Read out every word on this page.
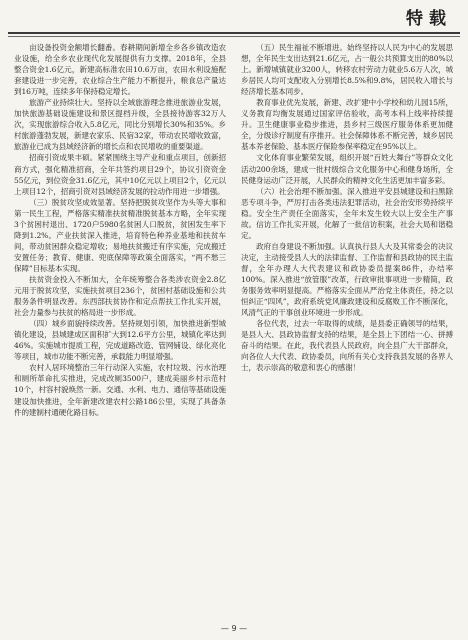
特载

亩设备投资金额增长翻番。春耕期间新增全乡各乡镇改造农业设施，给全乡农业现代化发展提供有力支撑。2018年，全县整合资金1.6亿元，新建高标准农田10.6万亩，农田水利设施配套建设进一步完善，农业综合生产能力不断提升，粮食总产量达到16万吨，连续多年保持稳定增长。

旅游产业持续壮大。坚持以全域旅游理念推进旅游业发展，加快旅游基础设施建设和景区提档升级，全县接待游客32万人次，实现旅游综合收入5.8亿元，同比分别增长30%和35%。乡村旅游蓬勃发展，新建农家乐、民宿32家，带动农民增收致富，旅游业已成为县域经济新的增长点和农民增收的重要渠道。

招商引资成果丰硕。紧紧围绕主导产业和重点项目，创新招商方式，强化精准招商，全年共签约项目29个，协议引资资金55亿元，到位资金31.6亿元，其中10亿元以上项目2个，亿元以上项目12个，招商引资对县域经济发展的拉动作用进一步增强。

（三）脱贫攻坚成效显著。坚持把脱贫攻坚作为头等大事和第一民生工程，严格落实精准扶贫精准脱贫基本方略，全年实现3个贫困村退出、1720户5980名贫困人口脱贫，贫困发生率下降到1.2%。产业扶贫深入推进，培育特色种养业基地和扶贫车间，带动贫困群众稳定增收；易地扶贫搬迁有序实施，完成搬迁安置任务；教育、健康、兜底保障等政策全面落实，“两不愁三保障”目标基本实现。

扶贫资金投入不断加大，全年统筹整合各类涉农资金2.8亿元用于脱贫攻坚，实施扶贫项目236个，贫困村基础设施和公共服务条件明显改善。东西部扶贫协作和定点帮扶工作扎实开展，社会力量参与扶贫的格局进一步形成。

（四）城乡面貌持续改善。坚持规划引领，加快推进新型城镇化建设，县城建成区面积扩大到12.6平方公里，城镇化率达到46%。实施城市提质工程，完成道路改造、管网铺设、绿化亮化等项目，城市功能不断完善，承载能力明显增强。

农村人居环境整治三年行动深入实施，农村垃圾、污水治理和厕所革命扎实推进，完成改厕3500户，建成美丽乡村示范村10个，村容村貌焕然一新。交通、水利、电力、通信等基础设施建设加快推进，全年新建改建农村公路186公里，实现了具备条件的建制村通硬化路目标。

（五）民生福祉不断增进。始终坚持以人民为中心的发展思想，全年民生支出达到21.6亿元，占一般公共预算支出的80%以上。新增城镇就业3200人，转移农村劳动力就业5.6万人次，城乡居民人均可支配收入分别增长8.5%和9.8%，居民收入增长与经济增长基本同步。

教育事业优先发展，新建、改扩建中小学校和幼儿园15所，义务教育均衡发展通过国家评估验收，高考本科上线率持续提升。卫生健康事业稳步推进，县乡村三级医疗服务体系更加健全，分级诊疗制度有序推开。社会保障体系不断完善，城乡居民基本养老保险、基本医疗保险参保率稳定在95%以上。

文化体育事业繁荣发展，组织开展“百姓大舞台”等群众文化活动200余场，建成一批村级综合文化服务中心和健身场所，全民健身运动广泛开展，人民群众的精神文化生活更加丰富多彩。

（六）社会治理不断加强。深入推进平安县城建设和扫黑除恶专项斗争，严厉打击各类违法犯罪活动，社会治安形势持续平稳。安全生产责任全面落实，全年未发生较大以上安全生产事故。信访工作扎实开展，化解了一批信访积案，社会大局和谐稳定。

政府自身建设不断加强。认真执行县人大及其常委会的决议决定，主动接受县人大的法律监督、工作监督和县政协的民主监督，全年办理人大代表建议和政协委员提案86件，办结率100%。深入推进“放管服”改革，行政审批事项进一步精简，政务服务效率明显提高。严格落实全面从严治党主体责任，持之以恒纠正“四风”，政府系统党风廉政建设和反腐败工作不断深化，风清气正的干事创业环境进一步形成。

各位代表，过去一年取得的成绩，是县委正确领导的结果，是县人大、县政协监督支持的结果，是全县上下团结一心、拼搏奋斗的结果。在此，我代表县人民政府，向全县广大干部群众，向各位人大代表、政协委员，向所有关心支持我县发展的各界人士，表示崇高的敬意和衷心的感谢！

— 9 —
